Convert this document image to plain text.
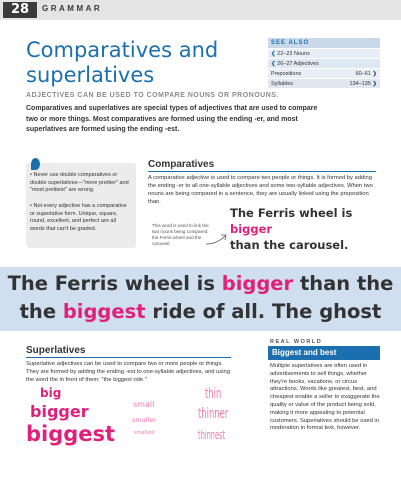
28	GRAMMAR
Comparatives and superlatives
ADJECTIVES CAN BE USED TO COMPARE NOUNS OR PRONOUNS.
Comparatives and superlatives are special types of adjectives that are used to compare two or more things. Most comparatives are formed using the ending -er, and most superlatives are formed using the ending -est.
SEE ALSO
❮ 22–23 Nouns
❮ 26–27 Adjectives
Prepositions	60–61 ❯
Syllables	134–135 ❯
• Never use double comparatives or double superlatives—"more prettier" and "most prettiest" are wrong.
• Not every adjective has a comparative or superlative form. Unique, square, round, excellent, and perfect are all words that can't be graded.
Comparatives
A comparative adjective is used to compare two people or things. It is formed by adding the ending -er to all one-syllable adjectives and some two-syllable adjectives. When two nouns are being compared in a sentence, they are usually linked using the preposition than.
The Ferris wheel is bigger
than the carousel.
This word is used to link the two nouns being compared: the Ferris wheel and the carousel.
The Ferris wheel is bigger than the
the biggest ride of all. The ghost
Superlatives
Superlative adjectives can be used to compare two or more people or things. They are formed by adding the ending -est to one-syllable adjectives, and using the word the in front of them: "the biggest ride."
big
bigger
biggest
small
smaller
smallest
thin
thinner
thinnest
REAL WORLD
Biggest and best
Multiple superlatives are often used in advertisements to sell things, whether they're books, vacations, or circus attractions. Words like greatest, best, and cheapest enable a seller to exaggerate the quality or value of the product being sold, making it more appealing to potential customers. Superlatives should be used in moderation in formal text, however.
